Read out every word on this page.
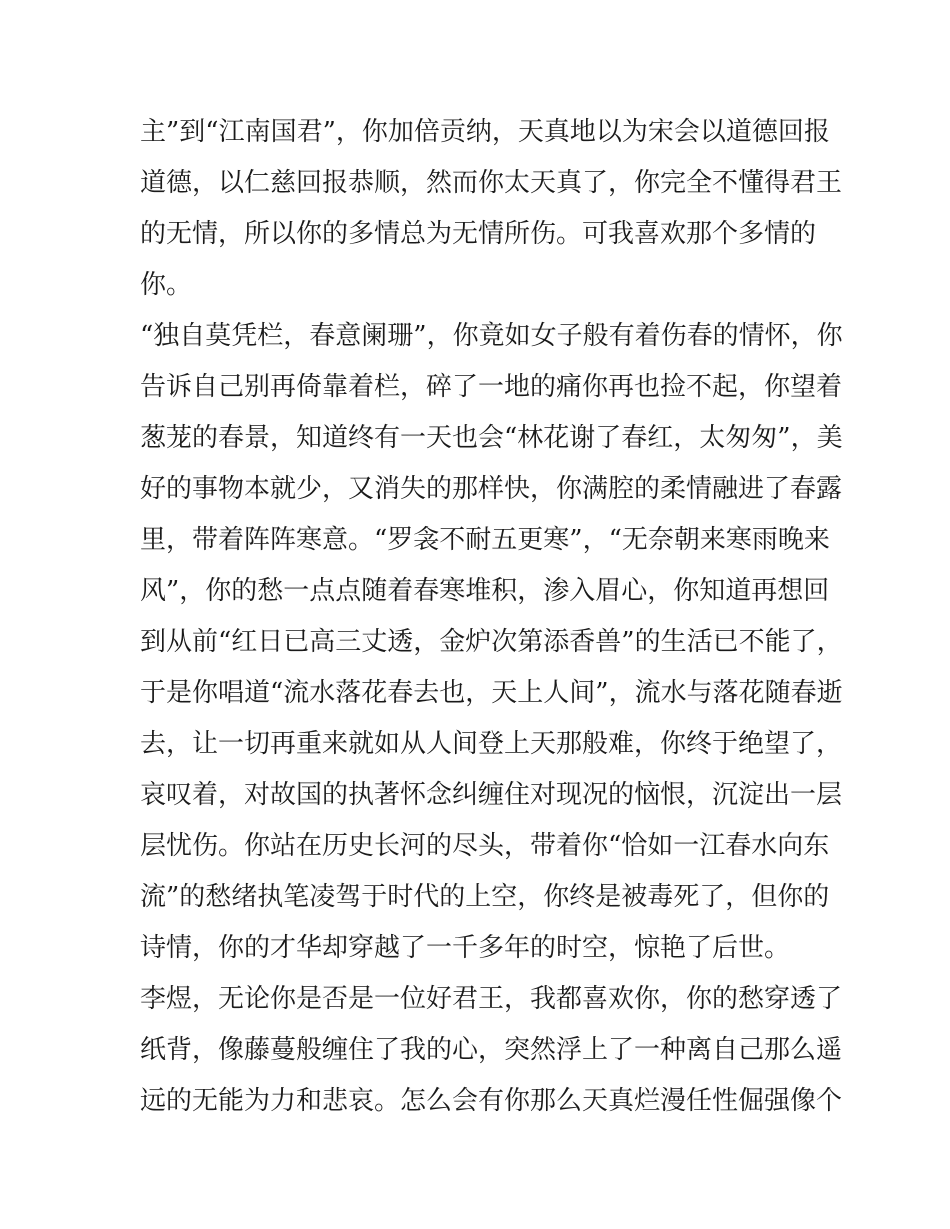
主”到“江南国君”，你加倍贡纳，天真地以为宋会以道德回报
道德，以仁慈回报恭顺，然而你太天真了，你完全不懂得君王
的无情，所以你的多情总为无情所伤。可我喜欢那个多情的
你。
“独自莫凭栏，春意阑珊”，你竟如女子般有着伤春的情怀，你
告诉自己别再倚靠着栏，碎了一地的痛你再也捡不起，你望着
葱茏的春景，知道终有一天也会“林花谢了春红，太匆匆”，美
好的事物本就少，又消失的那样快，你满腔的柔情融进了春露
里，带着阵阵寒意。“罗衾不耐五更寒”，“无奈朝来寒雨晚来
风”，你的愁一点点随着春寒堆积，渗入眉心，你知道再想回
到从前“红日已高三丈透，金炉次第添香兽”的生活已不能了，
于是你唱道“流水落花春去也，天上人间”，流水与落花随春逝
去，让一切再重来就如从人间登上天那般难，你终于绝望了，
哀叹着，对故国的执著怀念纠缠住对现况的恼恨，沉淀出一层
层忧伤。你站在历史长河的尽头，带着你“恰如一江春水向东
流”的愁绪执笔凌驾于时代的上空，你终是被毒死了，但你的
诗情，你的才华却穿越了一千多年的时空，惊艳了后世。
李煜，无论你是否是一位好君王，我都喜欢你，你的愁穿透了
纸背，像藤蔓般缠住了我的心，突然浮上了一种离自己那么遥
远的无能为力和悲哀。怎么会有你那么天真烂漫任性倔强像个
